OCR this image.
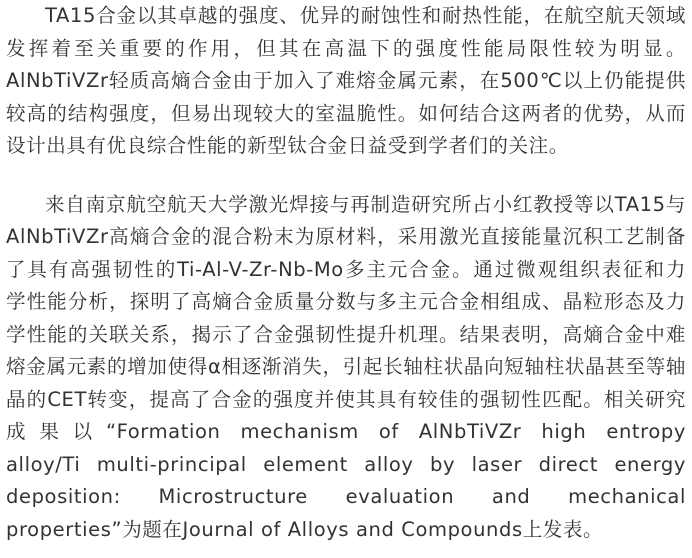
TA15合金以其卓越的强度、优异的耐蚀性和耐热性能，在航空航天领域
发挥着至关重要的作用，但其在高温下的强度性能局限性较为明显。
AlNbTiVZr轻质高熵合金由于加入了难熔金属元素，在500℃以上仍能提供
较高的结构强度，但易出现较大的室温脆性。如何结合这两者的优势，从而
设计出具有优良综合性能的新型钛合金日益受到学者们的关注。
来自南京航空航天大学激光焊接与再制造研究所占小红教授等以TA15与
AlNbTiVZr高熵合金的混合粉末为原材料，采用激光直接能量沉积工艺制备
了具有高强韧性的Ti-Al-V-Zr-Nb-Mo多主元合金。通过微观组织表征和力
学性能分析，探明了高熵合金质量分数与多主元合金相组成、晶粒形态及力
学性能的关联关系，揭示了合金强韧性提升机理。结果表明，高熵合金中难
熔金属元素的增加使得α相逐渐消失，引起长轴柱状晶向短轴柱状晶甚至等轴
晶的CET转变，提高了合金的强度并使其具有较佳的强韧性匹配。相关研究
成果以“Formation mechanism of AlNbTiVZr high entropy
alloy/Ti multi-principal element alloy by laser direct energy
deposition: Microstructure evaluation and mechanical
properties”为题在Journal of Alloys and Compounds上发表。
